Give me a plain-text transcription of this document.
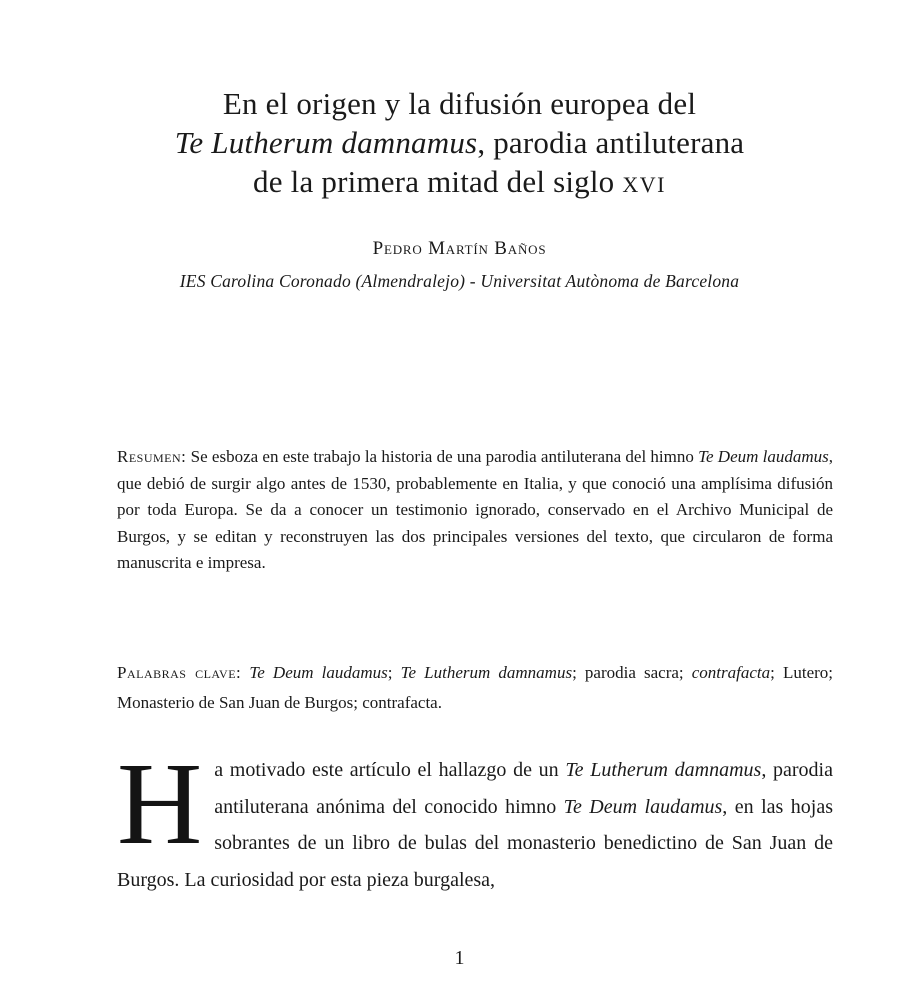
En el origen y la difusión europea del
Te Lutherum damnamus, parodia antiluterana
de la primera mitad del siglo XVI
Pedro Martín Baños
IES Carolina Coronado (Almendralejo) - Universitat Autònoma de Barcelona

Resumen: Se esboza en este trabajo la historia de una parodia antiluterana del himno Te Deum laudamus, que debió de surgir algo antes de 1530, probablemente en Italia, y que conoció una amplísima difusión por toda Europa. Se da a conocer un testimonio ignorado, conservado en el Archivo Municipal de Burgos, y se editan y reconstruyen las dos principales versiones del texto, que circularon de forma manuscrita e impresa.

Palabras clave: Te Deum laudamus; Te Lutherum damnamus; parodia sacra; contrafacta; Lutero; Monasterio de San Juan de Burgos; contrafacta.

Ha motivado este artículo el hallazgo de un Te Lutherum damnamus, parodia antiluterana anónima del conocido himno Te Deum laudamus, en las hojas sobrantes de un libro de bulas del monasterio benedictino de San Juan de Burgos. La curiosidad por esta pieza burgalesa,

1
